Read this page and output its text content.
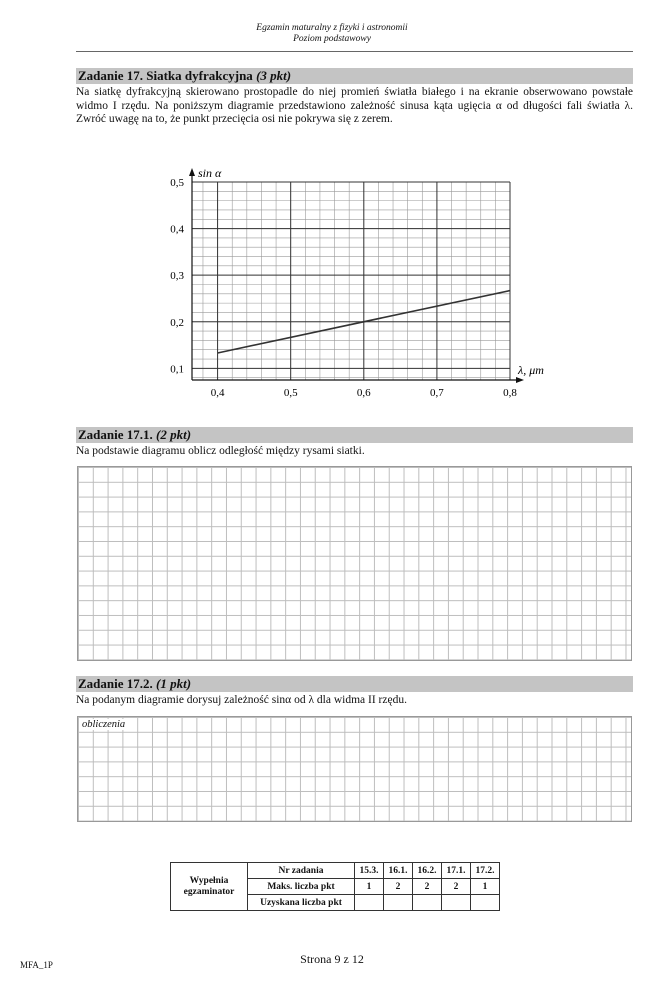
Egzamin maturalny z fizyki i astronomii
Poziom podstawowy
Zadanie 17. Siatka dyfrakcyjna (3 pkt)
Na siatkę dyfrakcyjną skierowano prostopadle do niej promień światła białego i na ekranie obserwowano powstałe widmo I rzędu. Na poniższym diagramie przedstawiono zależność sinusa kąta ugięcia α od długości fali światła λ. Zwróć uwagę na to, że punkt przecięcia osi nie pokrywa się z zerem.
0,4	0,5	0,6	0,7	0,8
0,1
0,2
0,3
0,4
0,5
sin α
λ, μm
Zadanie 17.1. (2 pkt)
Na podstawie diagramu oblicz odległość między rysami siatki.
Zadanie 17.2. (1 pkt)
Na podanym diagramie dorysuj zależność sinα od λ dla widma II rzędu.
obliczenia
Wypełnia egzaminator	Nr zadania	15.3.	16.1.	16.2.	17.1.	17.2.
	Maks. liczba pkt	1	2	2	2	1
	Uzyskana liczba pkt					
MFA_1P	Strona 9 z 12
